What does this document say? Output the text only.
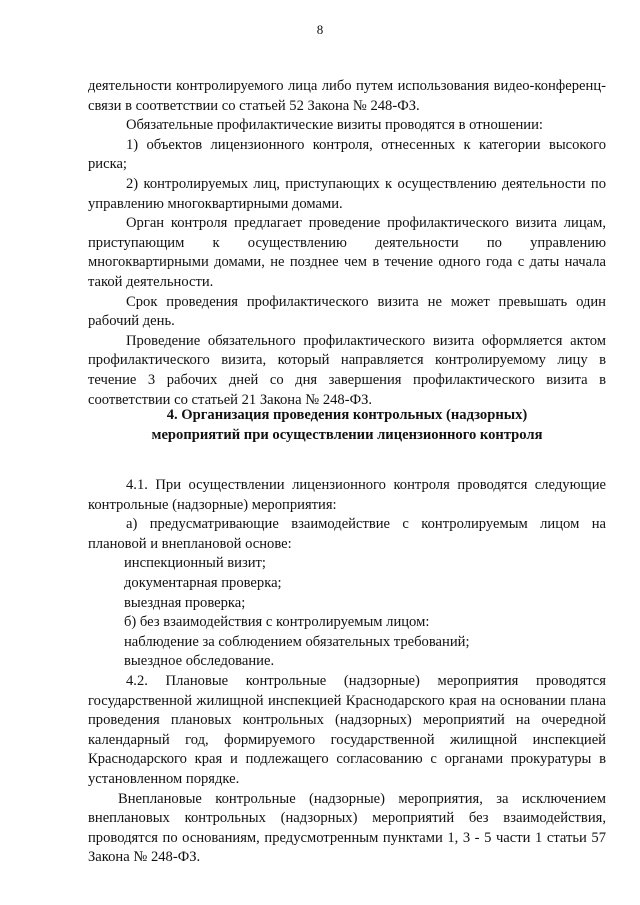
8

деятельности контролируемого лица либо путем использования видео-конференц-связи в соответствии со статьей 52 Закона № 248-ФЗ.

Обязательные профилактические визиты проводятся в отношении:

1) объектов лицензионного контроля, отнесенных к категории высокого риска;

2) контролируемых лиц, приступающих к осуществлению деятельности по управлению многоквартирными домами.

Орган контроля предлагает проведение профилактического визита лицам, приступающим к осуществлению деятельности по управлению многоквартирными домами, не позднее чем в течение одного года с даты начала такой деятельности.

Срок проведения профилактического визита не может превышать один рабочий день.

Проведение обязательного профилактического визита оформляется актом профилактического визита, который направляется контролируемому лицу в течение 3 рабочих дней со дня завершения профилактического визита в соответствии со статьей 21 Закона № 248-ФЗ.

4. Организация проведения контрольных (надзорных)

мероприятий при осуществлении лицензионного контроля

4.1. При осуществлении лицензионного контроля проводятся следующие контрольные (надзорные) мероприятия:

а) предусматривающие взаимодействие с контролируемым лицом на плановой и внеплановой основе:

инспекционный визит;

документарная проверка;

выездная проверка;

б) без взаимодействия с контролируемым лицом:

наблюдение за соблюдением обязательных требований;

выездное обследование.

4.2. Плановые контрольные (надзорные) мероприятия проводятся государственной жилищной инспекцией Краснодарского края на основании плана проведения плановых контрольных (надзорных) мероприятий на очередной календарный год, формируемого государственной жилищной инспекцией Краснодарского края и подлежащего согласованию с органами прокуратуры в установленном порядке.

Внеплановые контрольные (надзорные) мероприятия, за исключением внеплановых контрольных (надзорных) мероприятий без взаимодействия, проводятся по основаниям, предусмотренным пунктами 1, 3 - 5 части 1 статьи 57 Закона № 248-ФЗ.
